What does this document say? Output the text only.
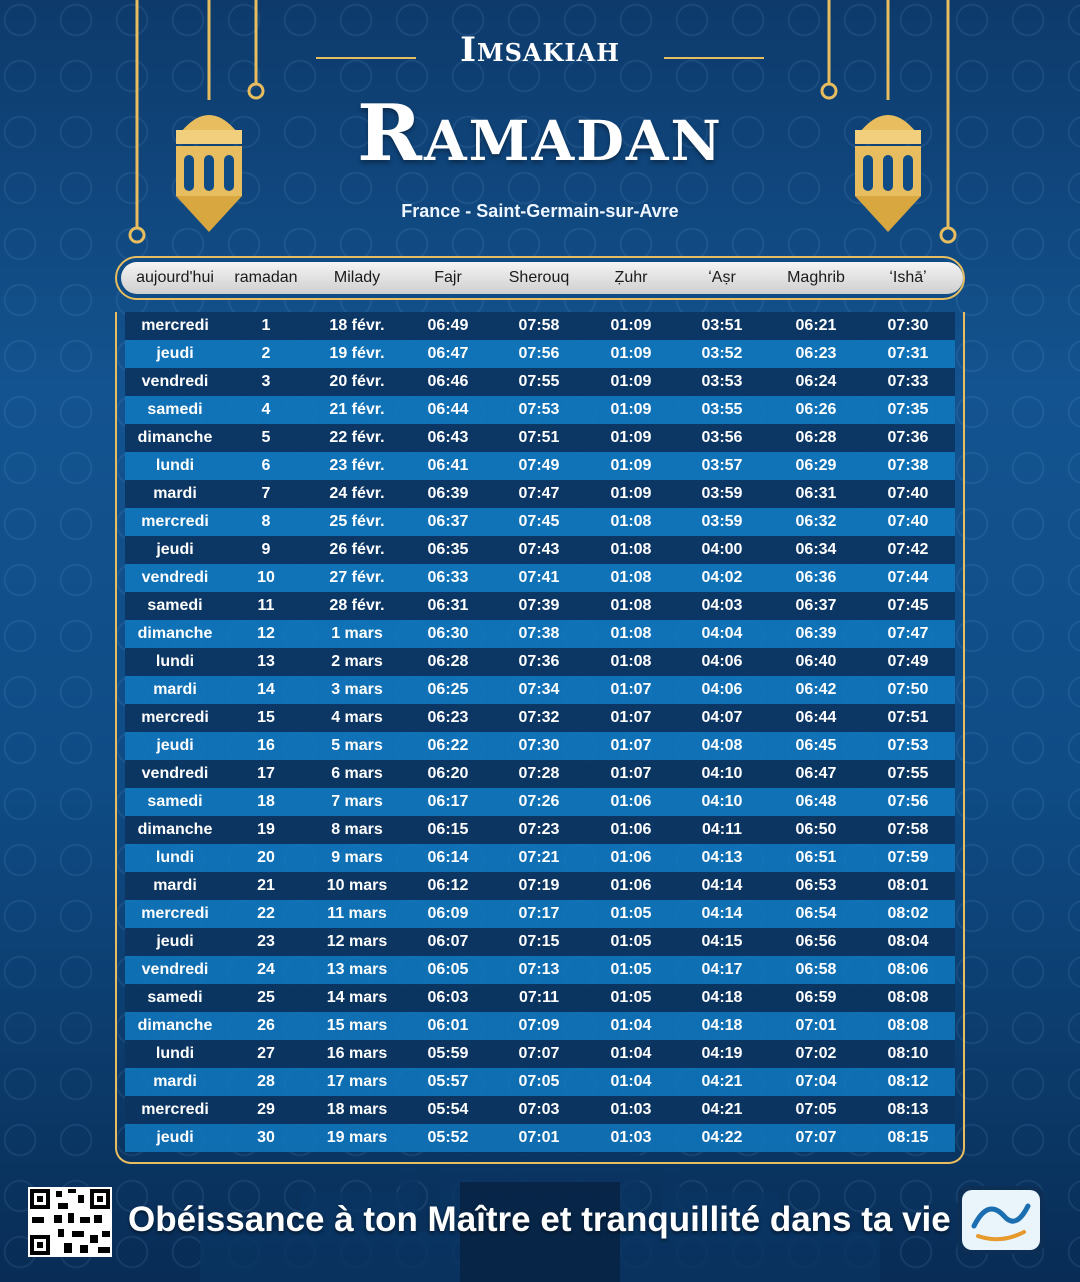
Imsakiah
Ramadan
France - Saint-Germain-sur-Avre
aujourd'hui	ramadan	Milady	Fajr	Sherouq	Ẓuhr	ʻAṣr	Maghrib	ʻIshāʼ
mercredi	1	18 févr.	06:49	07:58	01:09	03:51	06:21	07:30
jeudi	2	19 févr.	06:47	07:56	01:09	03:52	06:23	07:31
vendredi	3	20 févr.	06:46	07:55	01:09	03:53	06:24	07:33
samedi	4	21 févr.	06:44	07:53	01:09	03:55	06:26	07:35
dimanche	5	22 févr.	06:43	07:51	01:09	03:56	06:28	07:36
lundi	6	23 févr.	06:41	07:49	01:09	03:57	06:29	07:38
mardi	7	24 févr.	06:39	07:47	01:09	03:59	06:31	07:40
mercredi	8	25 févr.	06:37	07:45	01:08	03:59	06:32	07:40
jeudi	9	26 févr.	06:35	07:43	01:08	04:00	06:34	07:42
vendredi	10	27 févr.	06:33	07:41	01:08	04:02	06:36	07:44
samedi	11	28 févr.	06:31	07:39	01:08	04:03	06:37	07:45
dimanche	12	1 mars	06:30	07:38	01:08	04:04	06:39	07:47
lundi	13	2 mars	06:28	07:36	01:08	04:06	06:40	07:49
mardi	14	3 mars	06:25	07:34	01:07	04:06	06:42	07:50
mercredi	15	4 mars	06:23	07:32	01:07	04:07	06:44	07:51
jeudi	16	5 mars	06:22	07:30	01:07	04:08	06:45	07:53
vendredi	17	6 mars	06:20	07:28	01:07	04:10	06:47	07:55
samedi	18	7 mars	06:17	07:26	01:06	04:10	06:48	07:56
dimanche	19	8 mars	06:15	07:23	01:06	04:11	06:50	07:58
lundi	20	9 mars	06:14	07:21	01:06	04:13	06:51	07:59
mardi	21	10 mars	06:12	07:19	01:06	04:14	06:53	08:01
mercredi	22	11 mars	06:09	07:17	01:05	04:14	06:54	08:02
jeudi	23	12 mars	06:07	07:15	01:05	04:15	06:56	08:04
vendredi	24	13 mars	06:05	07:13	01:05	04:17	06:58	08:06
samedi	25	14 mars	06:03	07:11	01:05	04:18	06:59	08:08
dimanche	26	15 mars	06:01	07:09	01:04	04:18	07:01	08:08
lundi	27	16 mars	05:59	07:07	01:04	04:19	07:02	08:10
mardi	28	17 mars	05:57	07:05	01:04	04:21	07:04	08:12
mercredi	29	18 mars	05:54	07:03	01:03	04:21	07:05	08:13
jeudi	30	19 mars	05:52	07:01	01:03	04:22	07:07	08:15
Obéissance à ton Maître et tranquillité dans ta vie
